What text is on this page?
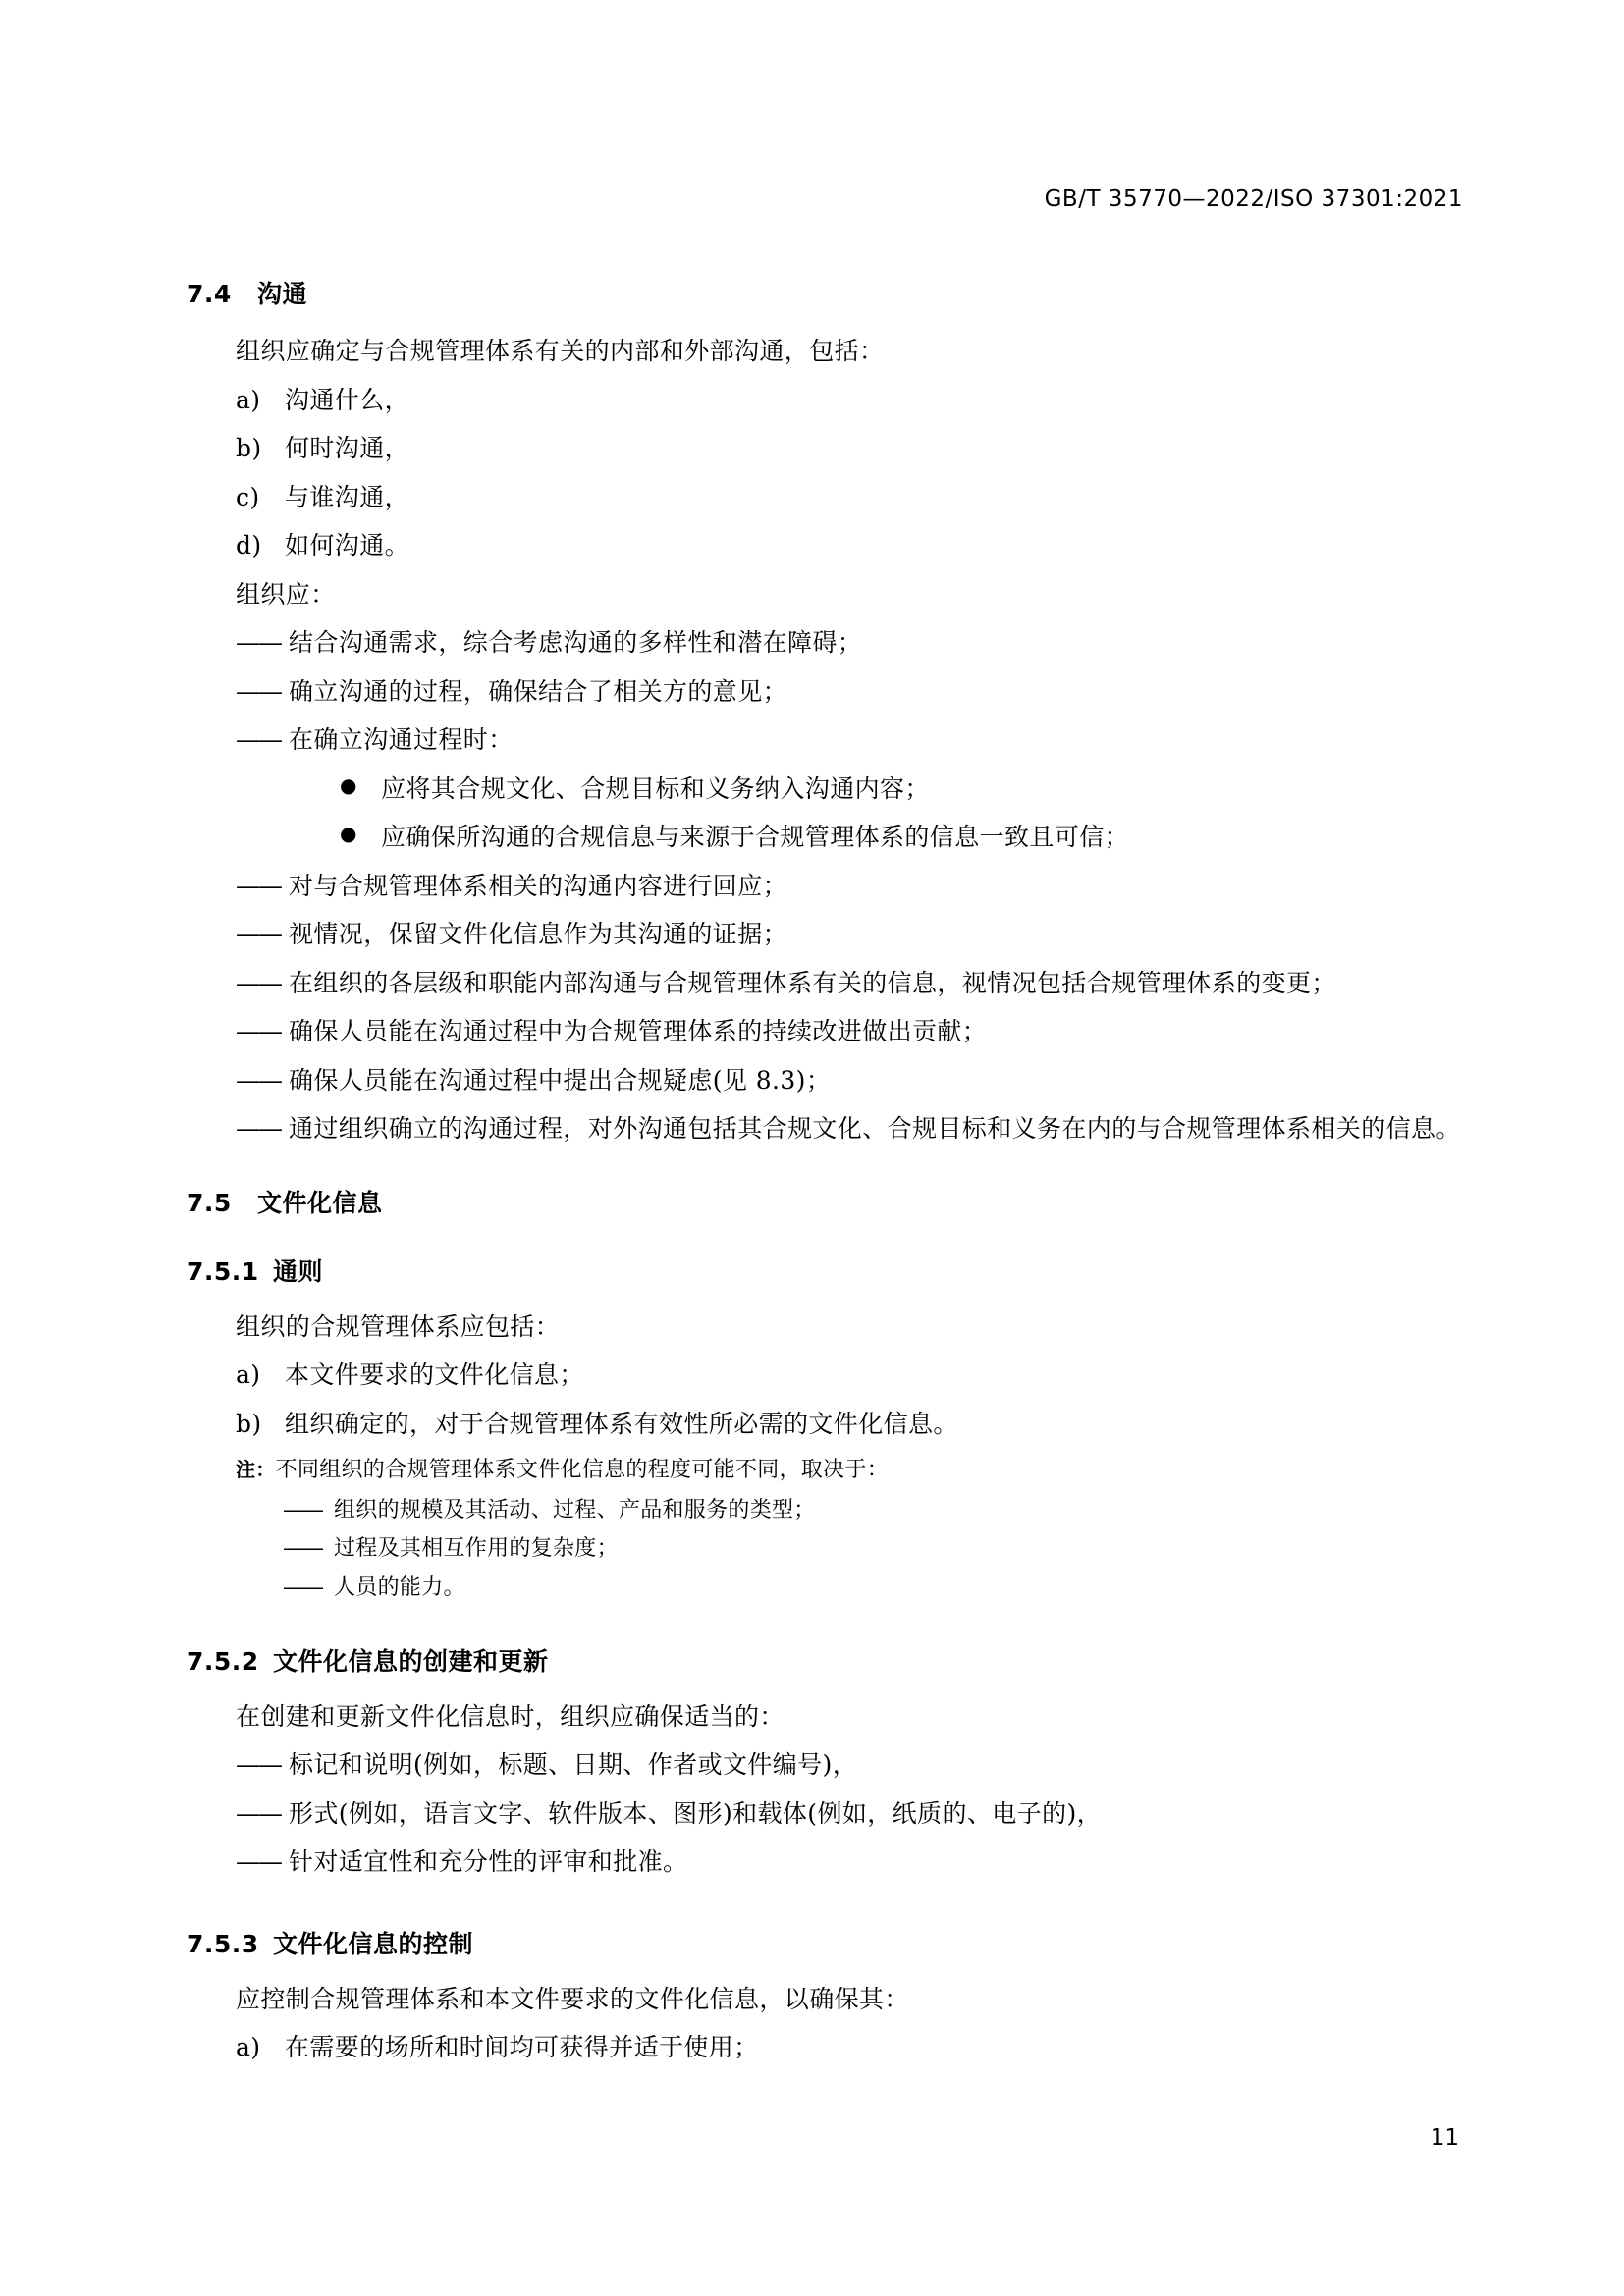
GB/T 35770—2022/ISO 37301:2021
7.4 沟通

组织应确定与合规管理体系有关的内部和外部沟通，包括：

a) 沟通什么，
b) 何时沟通，
c) 与谁沟通，
d) 如何沟通。

组织应：

—— 结合沟通需求，综合考虑沟通的多样性和潜在障碍；
—— 确立沟通的过程，确保结合了相关方的意见；
—— 在确立沟通过程时：
● 应将其合规文化、合规目标和义务纳入沟通内容；
● 应确保所沟通的合规信息与来源于合规管理体系的信息一致且可信；
—— 对与合规管理体系相关的沟通内容进行回应；
—— 视情况，保留文件化信息作为其沟通的证据；
—— 在组织的各层级和职能内部沟通与合规管理体系有关的信息，视情况包括合规管理体系的变更；
—— 确保人员能在沟通过程中为合规管理体系的持续改进做出贡献；
—— 确保人员能在沟通过程中提出合规疑虑(见 8.3)；
—— 通过组织确立的沟通过程，对外沟通包括其合规文化、合规目标和义务在内的与合规管理体系相关的信息。
7.5 文件化信息
7.5.1 通则

组织的合规管理体系应包括：

a) 本文件要求的文件化信息；
b) 组织确定的，对于合规管理体系有效性所必需的文件化信息。
注：不同组织的合规管理体系文件化信息的程度可能不同，取决于：
—— 组织的规模及其活动、过程、产品和服务的类型；
—— 过程及其相互作用的复杂度；
—— 人员的能力。
7.5.2 文件化信息的创建和更新

在创建和更新文件化信息时，组织应确保适当的：

—— 标记和说明(例如，标题、日期、作者或文件编号)，
—— 形式(例如，语言文字、软件版本、图形)和载体(例如，纸质的、电子的)，
—— 针对适宜性和充分性的评审和批准。
7.5.3 文件化信息的控制

应控制合规管理体系和本文件要求的文件化信息，以确保其：

a) 在需要的场所和时间均可获得并适于使用；
11
